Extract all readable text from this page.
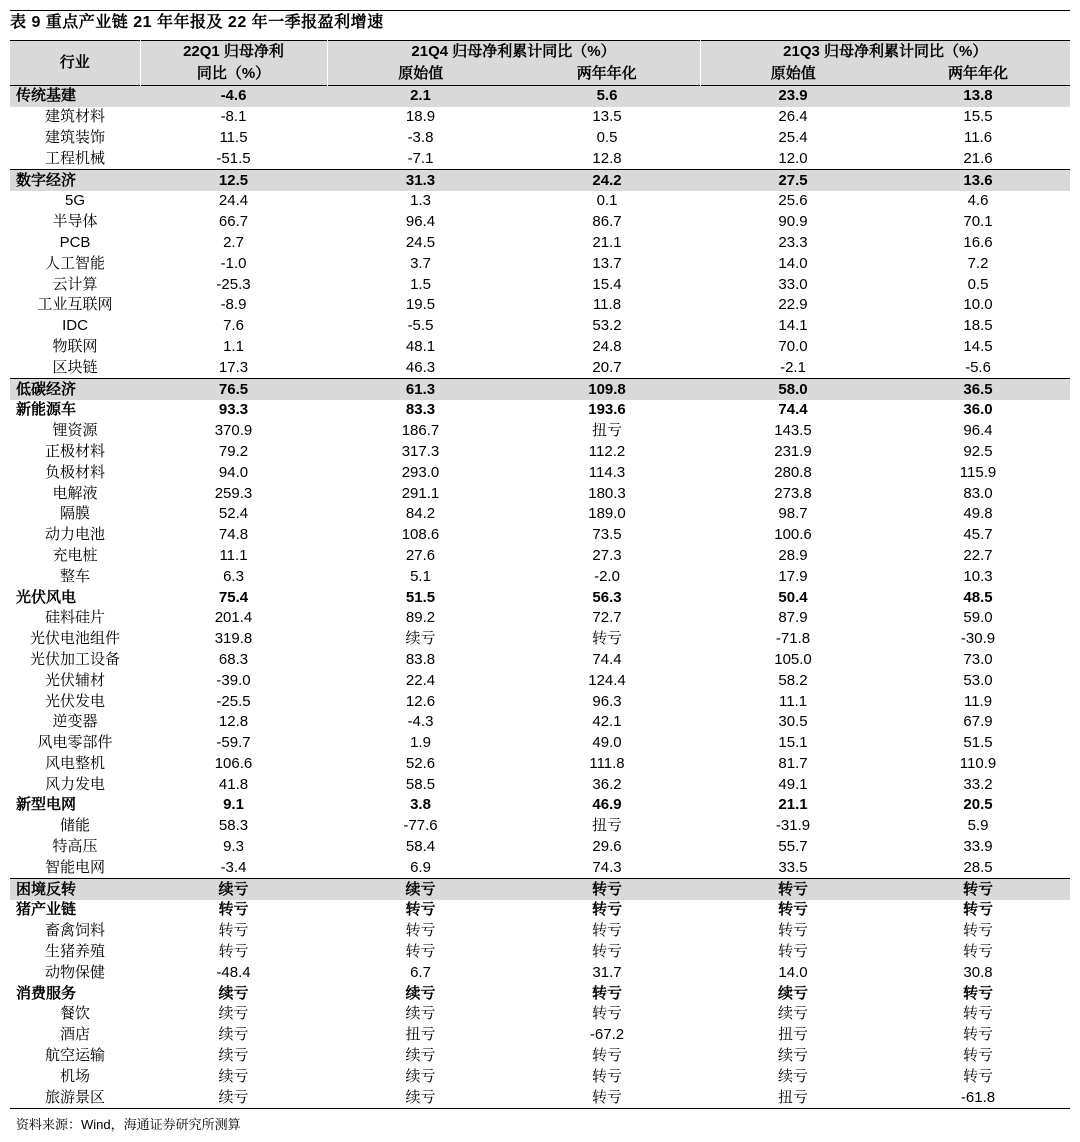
表 9 重点产业链 21 年年报及 22 年一季报盈利增速
行业	22Q1 归母净利	21Q4 归母净利累计同比（%）		21Q3 归母净利累计同比（%）	
	同比（%）	原始值	两年年化	原始值	两年年化
传统基建	-4.6	2.1	5.6	23.9	13.8
建筑材料	-8.1	18.9	13.5	26.4	15.5
建筑装饰	11.5	-3.8	0.5	25.4	11.6
工程机械	-51.5	-7.1	12.8	12.0	21.6
数字经济	12.5	31.3	24.2	27.5	13.6
5G	24.4	1.3	0.1	25.6	4.6
半导体	66.7	96.4	86.7	90.9	70.1
PCB	2.7	24.5	21.1	23.3	16.6
人工智能	-1.0	3.7	13.7	14.0	7.2
云计算	-25.3	1.5	15.4	33.0	0.5
工业互联网	-8.9	19.5	11.8	22.9	10.0
IDC	7.6	-5.5	53.2	14.1	18.5
物联网	1.1	48.1	24.8	70.0	14.5
区块链	17.3	46.3	20.7	-2.1	-5.6
低碳经济	76.5	61.3	109.8	58.0	36.5
新能源车	93.3	83.3	193.6	74.4	36.0
锂资源	370.9	186.7	扭亏	143.5	96.4
正极材料	79.2	317.3	112.2	231.9	92.5
负极材料	94.0	293.0	114.3	280.8	115.9
电解液	259.3	291.1	180.3	273.8	83.0
隔膜	52.4	84.2	189.0	98.7	49.8
动力电池	74.8	108.6	73.5	100.6	45.7
充电桩	11.1	27.6	27.3	28.9	22.7
整车	6.3	5.1	-2.0	17.9	10.3
光伏风电	75.4	51.5	56.3	50.4	48.5
硅料硅片	201.4	89.2	72.7	87.9	59.0
光伏电池组件	319.8	续亏	转亏	-71.8	-30.9
光伏加工设备	68.3	83.8	74.4	105.0	73.0
光伏辅材	-39.0	22.4	124.4	58.2	53.0
光伏发电	-25.5	12.6	96.3	11.1	11.9
逆变器	12.8	-4.3	42.1	30.5	67.9
风电零部件	-59.7	1.9	49.0	15.1	51.5
风电整机	106.6	52.6	111.8	81.7	110.9
风力发电	41.8	58.5	36.2	49.1	33.2
新型电网	9.1	3.8	46.9	21.1	20.5
储能	58.3	-77.6	扭亏	-31.9	5.9
特高压	9.3	58.4	29.6	55.7	33.9
智能电网	-3.4	6.9	74.3	33.5	28.5
困境反转	续亏	续亏	转亏	转亏	转亏
猪产业链	转亏	转亏	转亏	转亏	转亏
畜禽饲料	转亏	转亏	转亏	转亏	转亏
生猪养殖	转亏	转亏	转亏	转亏	转亏
动物保健	-48.4	6.7	31.7	14.0	30.8
消费服务	续亏	续亏	转亏	续亏	转亏
餐饮	续亏	续亏	转亏	续亏	转亏
酒店	续亏	扭亏	-67.2	扭亏	转亏
航空运输	续亏	续亏	转亏	续亏	转亏
机场	续亏	续亏	转亏	续亏	转亏
旅游景区	续亏	续亏	转亏	扭亏	-61.8
资料来源：Wind，海通证券研究所测算
